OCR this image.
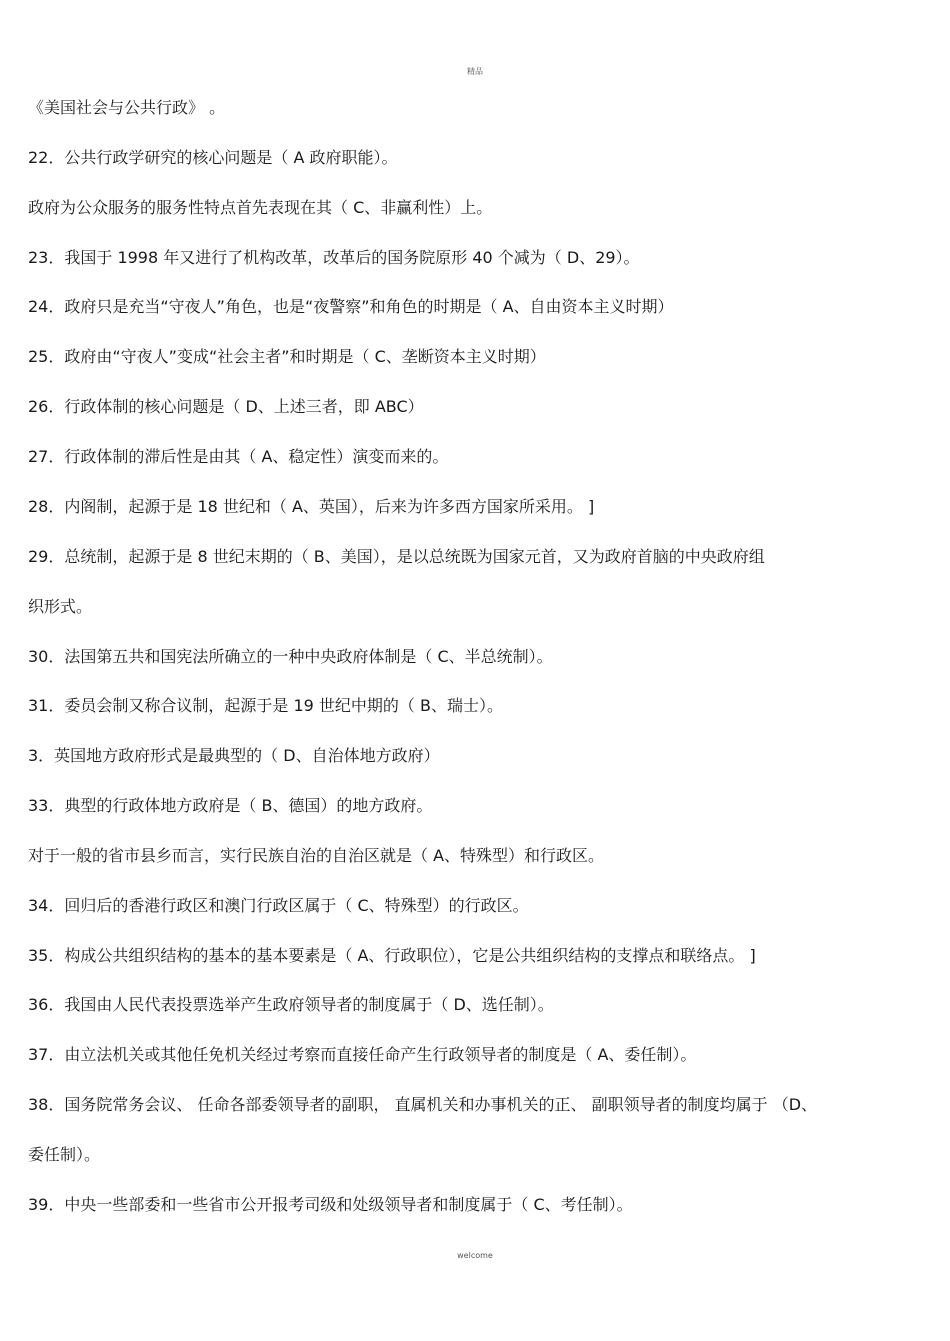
精品
《美国社会与公共行政》 。
22．公共行政学研究的核心问题是（ A 政府职能）。
政府为公众服务的服务性特点首先表现在其（ C、非赢利性）上。
23．我国于 1998 年又进行了机构改革，改革后的国务院原形 40 个减为（ D、29）。
24．政府只是充当“守夜人”角色，也是“夜警察”和角色的时期是（ A、自由资本主义时期）
25．政府由“守夜人”变成“社会主者”和时期是（ C、垄断资本主义时期）
26．行政体制的核心问题是（ D、上述三者，即 ABC）
27．行政体制的滞后性是由其（ A、稳定性）演变而来的。
28．内阁制，起源于是 18 世纪和（ A、英国），后来为许多西方国家所采用。 ]
29．总统制，起源于是 8 世纪末期的（ B、美国），是以总统既为国家元首，又为政府首脑的中央政府组
织形式。
30．法国第五共和国宪法所确立的一种中央政府体制是（ C、半总统制）。
31．委员会制又称合议制，起源于是 19 世纪中期的（ B、瑞士）。
3．英国地方政府形式是最典型的（ D、自治体地方政府）
33．典型的行政体地方政府是（ B、德国）的地方政府。
对于一般的省市县乡而言，实行民族自治的自治区就是（ A、特殊型）和行政区。
34．回归后的香港行政区和澳门行政区属于（ C、特殊型）的行政区。
35．构成公共组织结构的基本的基本要素是（ A、行政职位），它是公共组织结构的支撑点和联络点。 ]
36．我国由人民代表投票选举产生政府领导者的制度属于（ D、选任制）。
37．由立法机关或其他任免机关经过考察而直接任命产生行政领导者的制度是（ A、委任制）。
38．国务院常务会议、 任命各部委领导者的副职， 直属机关和办事机关的正、 副职领导者的制度均属于 （D、
委任制）。
39．中央一些部委和一些省市公开报考司级和处级领导者和制度属于（ C、考任制）。
welcome
